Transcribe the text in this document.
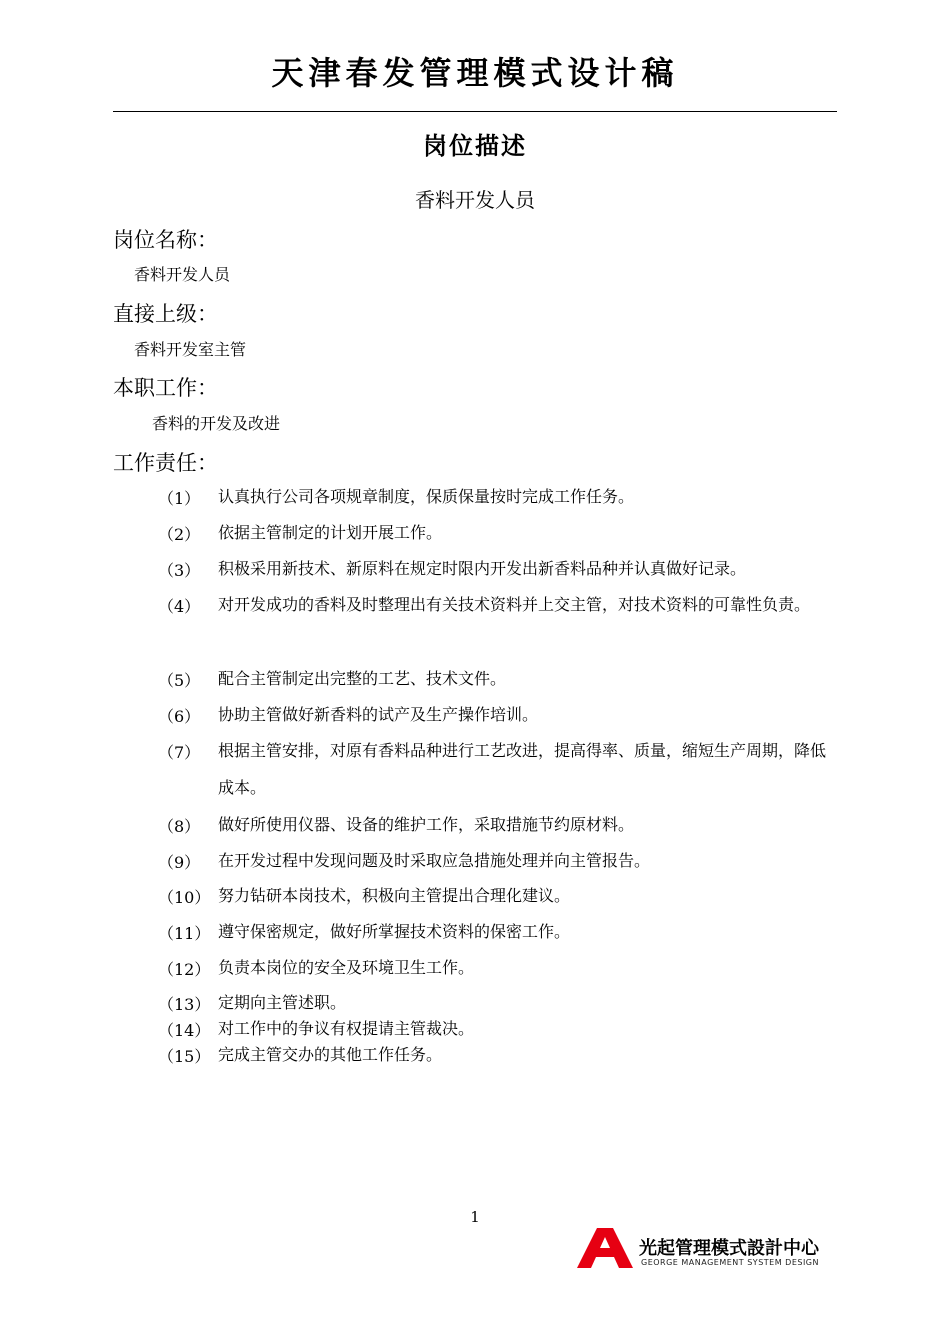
天津春发管理模式设计稿
岗位描述
香料开发人员
岗位名称：
香料开发人员
直接上级：
香料开发室主管
本职工作：
香料的开发及改进
工作责任：
（1） 认真执行公司各项规章制度，保质保量按时完成工作任务。
（2） 依据主管制定的计划开展工作。
（3） 积极采用新技术、新原料在规定时限内开发出新香料品种并认真做好记录。
（4） 对开发成功的香料及时整理出有关技术资料并上交主管，对技术资料的可靠性负责。
（5） 配合主管制定出完整的工艺、技术文件。
（6） 协助主管做好新香料的试产及生产操作培训。
（7） 根据主管安排，对原有香料品种进行工艺改进，提高得率、质量，缩短生产周期，降低成本。
（8） 做好所使用仪器、设备的维护工作，采取措施节约原材料。
（9） 在开发过程中发现问题及时采取应急措施处理并向主管报告。
（10） 努力钻研本岗技术，积极向主管提出合理化建议。
（11） 遵守保密规定，做好所掌握技术资料的保密工作。
（12） 负责本岗位的安全及环境卫生工作。
（13） 定期向主管述职。
（14） 对工作中的争议有权提请主管裁决。
（15） 完成主管交办的其他工作任务。
1
光起管理模式設計中心
GEORGE MANAGEMENT SYSTEM DESIGN
